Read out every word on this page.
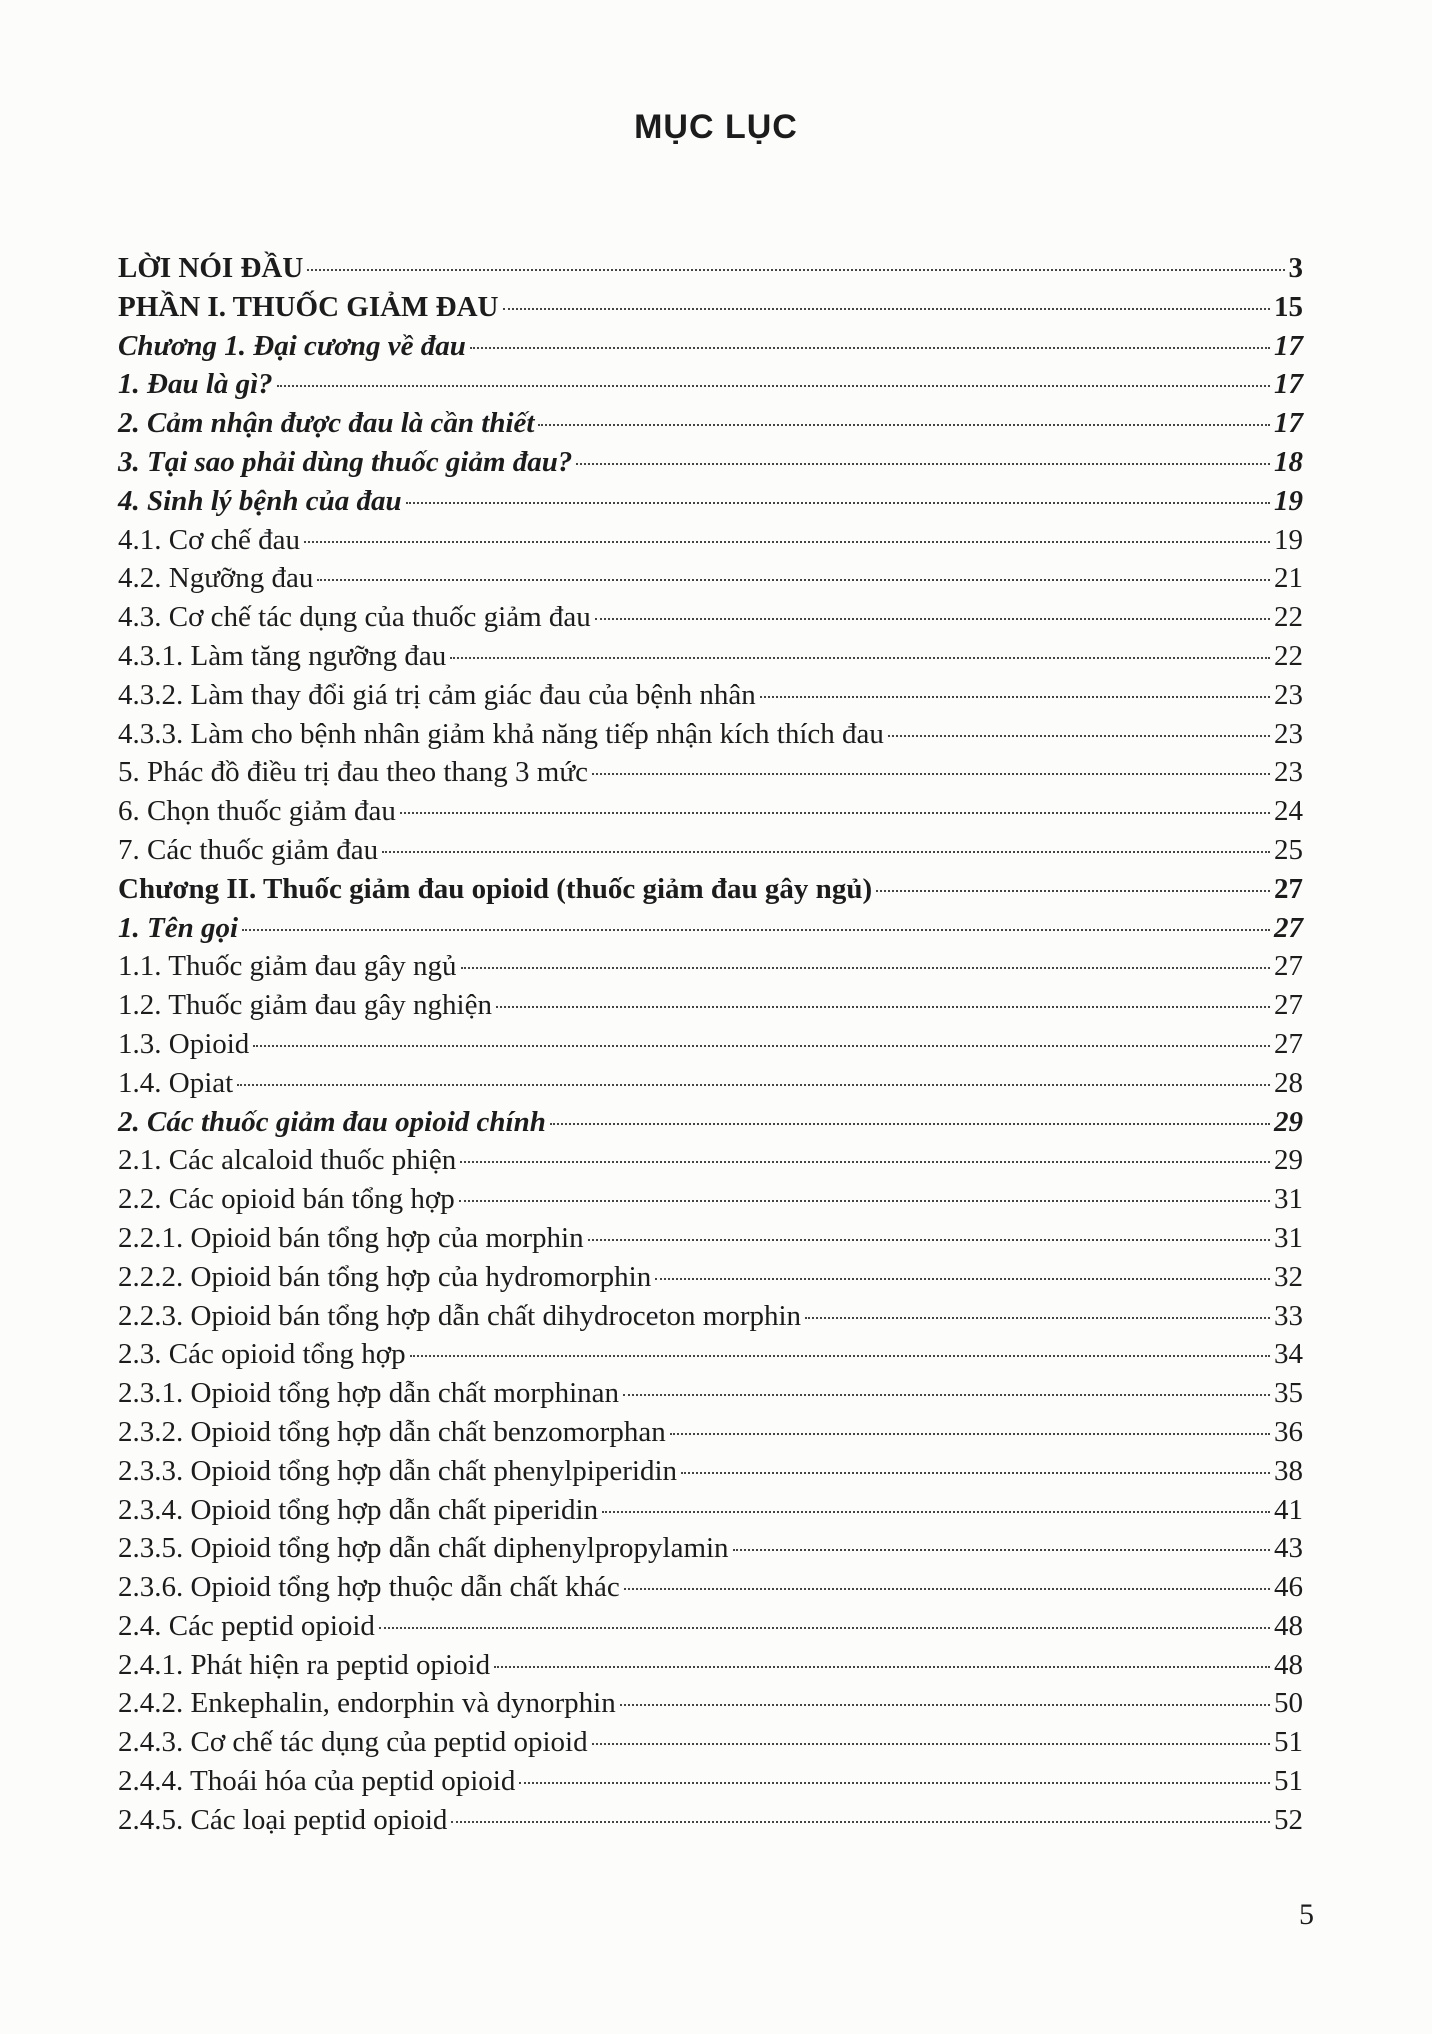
MỤC LỤC
LỜI NÓI ĐẦU	3
PHẦN I. THUỐC GIẢM ĐAU	15
Chương 1. Đại cương về đau	17
1. Đau là gì?	17
2. Cảm nhận được đau là cần thiết	17
3. Tại sao phải dùng thuốc giảm đau?	18
4. Sinh lý bệnh của đau	19
4.1. Cơ chế đau	19
4.2. Ngưỡng đau	21
4.3. Cơ chế tác dụng của thuốc giảm đau	22
4.3.1. Làm tăng ngưỡng đau	22
4.3.2. Làm thay đổi giá trị cảm giác đau của bệnh nhân	23
4.3.3. Làm cho bệnh nhân giảm khả năng tiếp nhận kích thích đau	23
5. Phác đồ điều trị đau theo thang 3 mức	23
6. Chọn thuốc giảm đau	24
7. Các thuốc giảm đau	25
Chương II. Thuốc giảm đau opioid (thuốc giảm đau gây ngủ)	27
1. Tên gọi	27
1.1. Thuốc giảm đau gây ngủ	27
1.2. Thuốc giảm đau gây nghiện	27
1.3. Opioid	27
1.4. Opiat	28
2. Các thuốc giảm đau opioid chính	29
2.1. Các alcaloid thuốc phiện	29
2.2. Các opioid bán tổng hợp	31
2.2.1. Opioid bán tổng hợp của morphin	31
2.2.2. Opioid bán tổng hợp của hydromorphin	32
2.2.3. Opioid bán tổng hợp dẫn chất dihydroceton morphin	33
2.3. Các opioid tổng hợp	34
2.3.1. Opioid tổng hợp dẫn chất morphinan	35
2.3.2. Opioid tổng hợp dẫn chất benzomorphan	36
2.3.3. Opioid tổng hợp dẫn chất phenylpiperidin	38
2.3.4. Opioid tổng hợp dẫn chất piperidin	41
2.3.5. Opioid tổng hợp dẫn chất diphenylpropylamin	43
2.3.6. Opioid tổng hợp thuộc dẫn chất khác	46
2.4. Các peptid opioid	48
2.4.1. Phát hiện ra peptid opioid	48
2.4.2. Enkephalin, endorphin và dynorphin	50
2.4.3. Cơ chế tác dụng của peptid opioid	51
2.4.4. Thoái hóa của peptid opioid	51
2.4.5. Các loại peptid opioid	52
5
